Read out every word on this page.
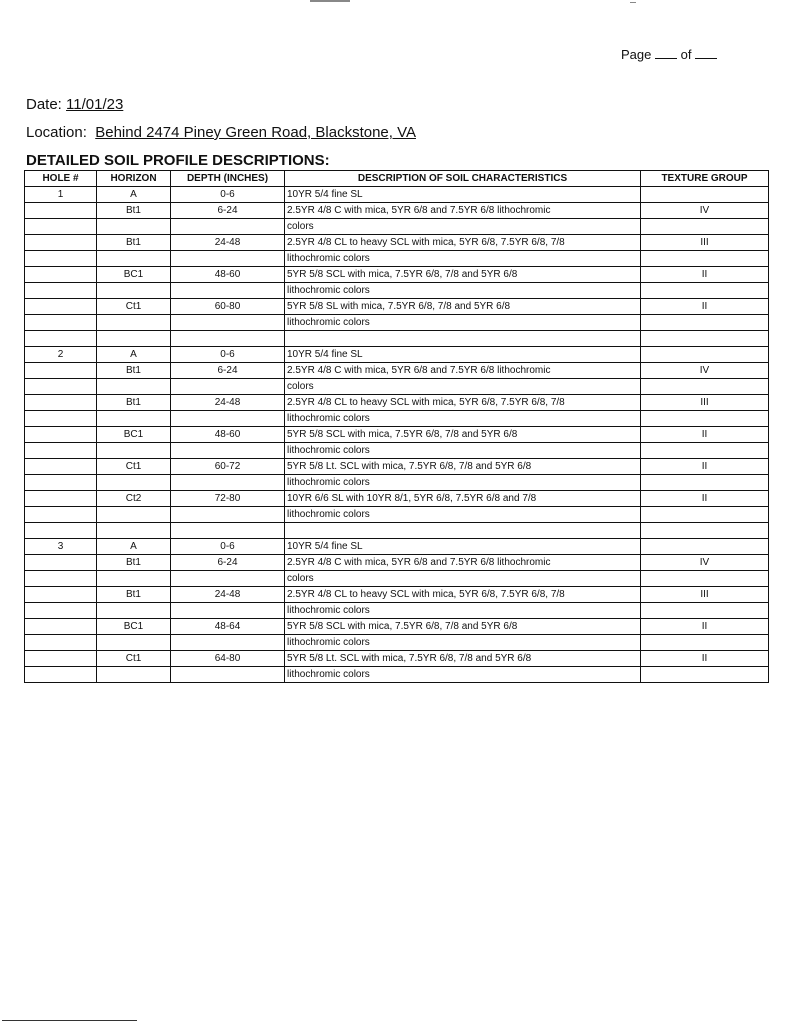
Page of
Date: 11/01/23
Location: Behind 2474 Piney Green Road, Blackstone, VA
DETAILED SOIL PROFILE DESCRIPTIONS:
HOLE #	HORIZON	DEPTH (INCHES)	DESCRIPTION OF SOIL CHARACTERISTICS	TEXTURE GROUP
1	A	0-6	10YR 5/4 fine SL	
	Bt1	6-24	2.5YR 4/8 C with mica, 5YR 6/8 and 7.5YR 6/8 lithochromic	IV
			colors	
	Bt1	24-48	2.5YR 4/8 CL to heavy SCL with mica, 5YR 6/8, 7.5YR 6/8, 7/8	III
			lithochromic colors	
	BC1	48-60	5YR 5/8 SCL with mica, 7.5YR 6/8, 7/8 and 5YR 6/8	II
			lithochromic colors	
	Ct1	60-80	5YR 5/8 SL with mica, 7.5YR 6/8, 7/8 and 5YR 6/8	II
			lithochromic colors	

2	A	0-6	10YR 5/4 fine SL	
	Bt1	6-24	2.5YR 4/8 C with mica, 5YR 6/8 and 7.5YR 6/8 lithochromic	IV
			colors	
	Bt1	24-48	2.5YR 4/8 CL to heavy SCL with mica, 5YR 6/8, 7.5YR 6/8, 7/8	III
			lithochromic colors	
	BC1	48-60	5YR 5/8 SCL with mica, 7.5YR 6/8, 7/8 and 5YR 6/8	II
			lithochromic colors	
	Ct1	60-72	5YR 5/8 Lt. SCL with mica, 7.5YR 6/8, 7/8 and 5YR 6/8	II
			lithochromic colors	
	Ct2	72-80	10YR 6/6 SL with 10YR 8/1, 5YR 6/8, 7.5YR 6/8 and 7/8	II
			lithochromic colors	

3	A	0-6	10YR 5/4 fine SL	
	Bt1	6-24	2.5YR 4/8 C with mica, 5YR 6/8 and 7.5YR 6/8 lithochromic	IV
			colors	
	Bt1	24-48	2.5YR 4/8 CL to heavy SCL with mica, 5YR 6/8, 7.5YR 6/8, 7/8	III
			lithochromic colors	
	BC1	48-64	5YR 5/8 SCL with mica, 7.5YR 6/8, 7/8 and 5YR 6/8	II
			lithochromic colors	
	Ct1	64-80	5YR 5/8 Lt. SCL with mica, 7.5YR 6/8, 7/8 and 5YR 6/8	II
			lithochromic colors	
